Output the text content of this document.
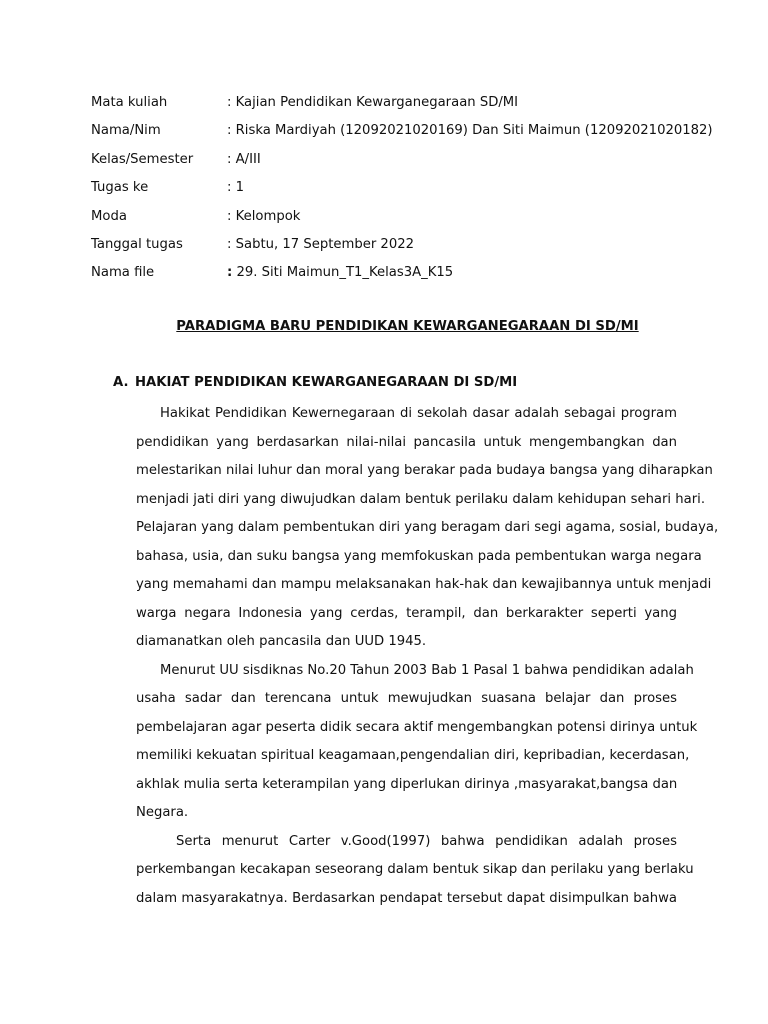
Mata kuliah	: Kajian Pendidikan Kewarganegaraan SD/MI
Nama/Nim	: Riska Mardiyah (12092021020169) Dan Siti Maimun (12092021020182)
Kelas/Semester	: A/III
Tugas ke	: 1
Moda	: Kelompok
Tanggal tugas	: Sabtu, 17 September 2022
Nama file	: 29. Siti Maimun_T1_Kelas3A_K15
PARADIGMA BARU PENDIDIKAN KEWARGANEGARAAN DI SD/MI
A. HAKIAT PENDIDIKAN KEWARGANEGARAAN DI SD/MI
Hakikat Pendidikan Kewernegaraan di sekolah dasar adalah sebagai program
pendidikan yang berdasarkan nilai-nilai pancasila untuk mengembangkan dan
melestarikan nilai luhur dan moral yang berakar pada budaya bangsa yang diharapkan
menjadi jati diri yang diwujudkan dalam bentuk perilaku dalam kehidupan sehari hari.
Pelajaran yang dalam pembentukan diri yang beragam dari segi agama, sosial, budaya,
bahasa, usia, dan suku bangsa yang memfokuskan pada pembentukan warga negara
yang memahami dan mampu melaksanakan hak-hak dan kewajibannya untuk menjadi
warga negara Indonesia yang cerdas, terampil, dan berkarakter seperti yang
diamanatkan oleh pancasila dan UUD 1945.
Menurut UU sisdiknas No.20 Tahun 2003 Bab 1 Pasal 1 bahwa pendidikan adalah
usaha sadar dan terencana untuk mewujudkan suasana belajar dan proses
pembelajaran agar peserta didik secara aktif mengembangkan potensi dirinya untuk
memiliki kekuatan spiritual keagamaan,pengendalian diri, kepribadian, kecerdasan,
akhlak mulia serta keterampilan yang diperlukan dirinya ,masyarakat,bangsa dan
Negara.
Serta menurut Carter v.Good(1997) bahwa pendidikan adalah proses
perkembangan kecakapan seseorang dalam bentuk sikap dan perilaku yang berlaku
dalam masyarakatnya. Berdasarkan pendapat tersebut dapat disimpulkan bahwa
